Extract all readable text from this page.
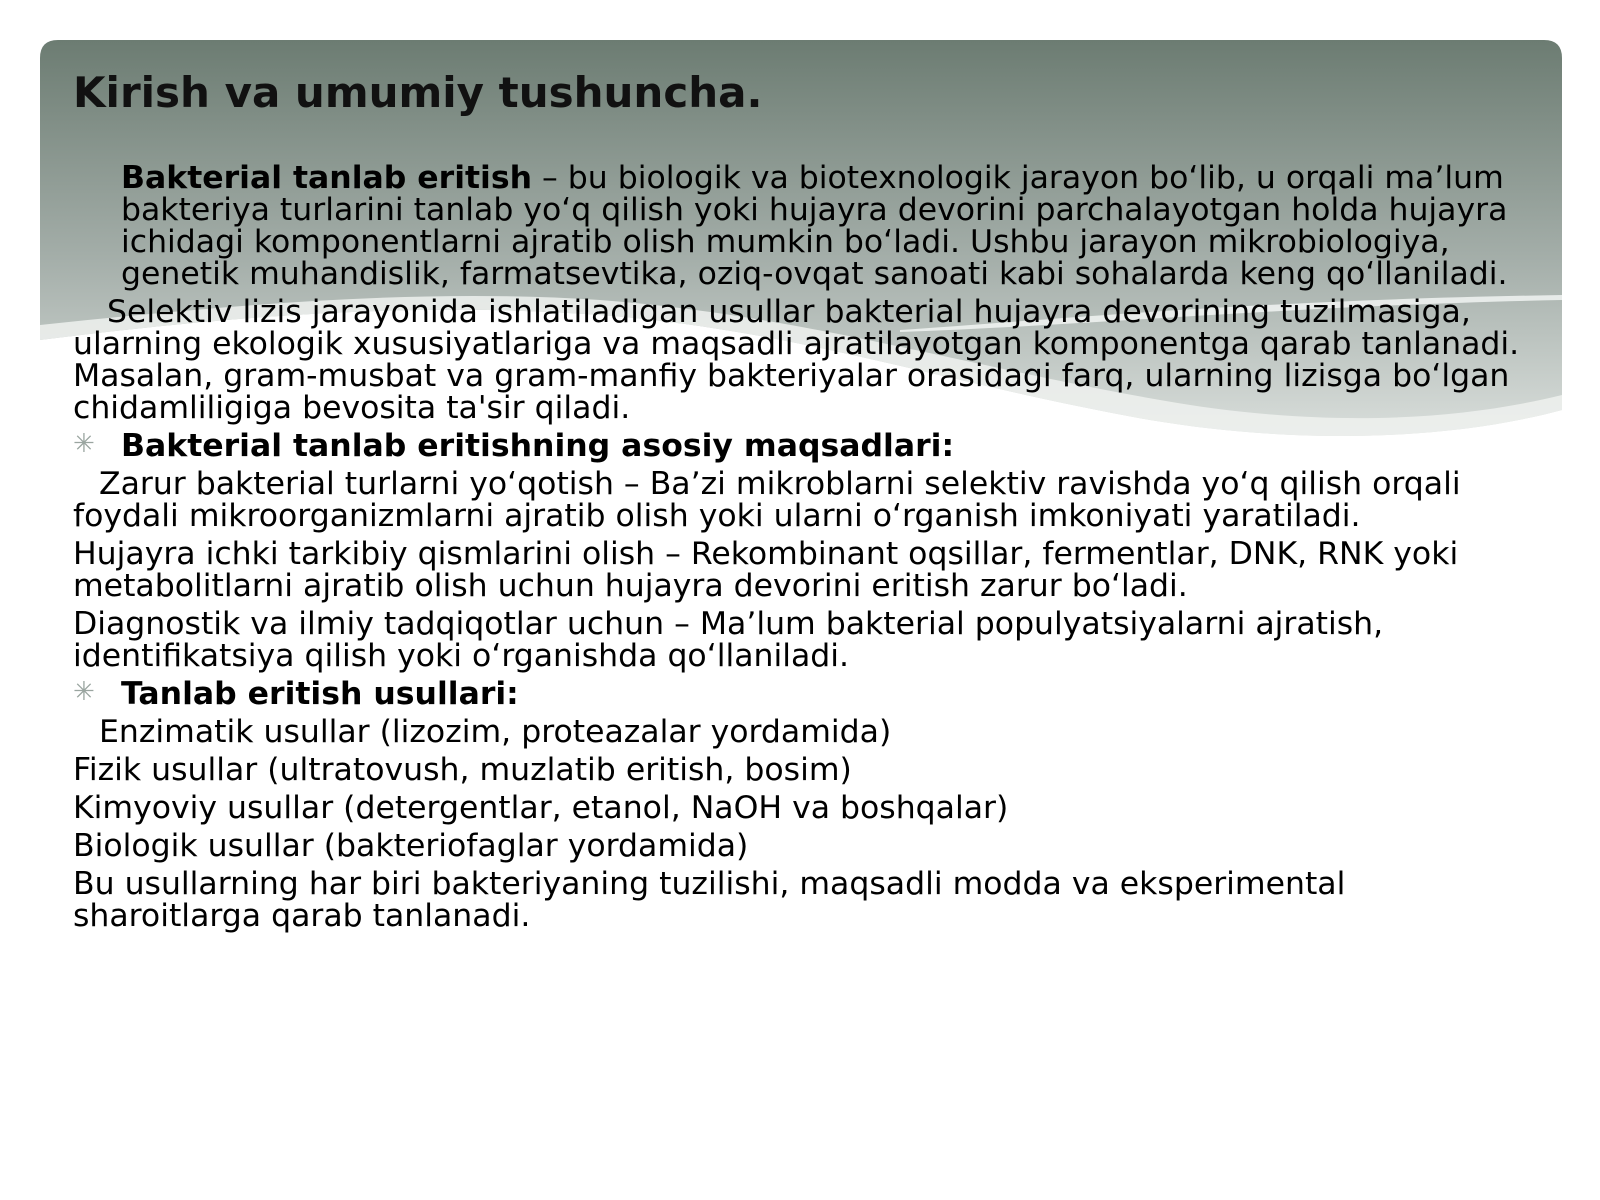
Kirish va umumiy tushuncha.

Bakterial tanlab eritish – bu biologik va biotexnologik jarayon bo‘lib, u orqali ma’lum bakteriya turlarini tanlab yo‘q qilish yoki hujayra devorini parchalayotgan holda hujayra ichidagi komponentlarni ajratib olish mumkin bo‘ladi. Ushbu jarayon mikrobiologiya, genetik muhandislik, farmatsevtika, oziq-ovqat sanoati kabi sohalarda keng qo‘llaniladi.

Selektiv lizis jarayonida ishlatiladigan usullar bakterial hujayra devorining tuzilmasiga, ularning ekologik xususiyatlariga va maqsadli ajratilayotgan komponentga qarab tanlanadi. Masalan, gram-musbat va gram-manfiy bakteriyalar orasidagi farq, ularning lizisga bo‘lgan chidamliligiga bevosita ta'sir qiladi.

✳ Bakterial tanlab eritishning asosiy maqsadlari:

Zarur bakterial turlarni yo‘qotish – Ba’zi mikroblarni selektiv ravishda yo‘q qilish orqali foydali mikroorganizmlarni ajratib olish yoki ularni o‘rganish imkoniyati yaratiladi.

Hujayra ichki tarkibiy qismlarini olish – Rekombinant oqsillar, fermentlar, DNK, RNK yoki metabolitlarni ajratib olish uchun hujayra devorini eritish zarur bo‘ladi.

Diagnostik va ilmiy tadqiqotlar uchun – Ma’lum bakterial populyatsiyalarni ajratish, identifikatsiya qilish yoki o‘rganishda qo‘llaniladi.

✳ Tanlab eritish usullari:

Enzimatik usullar (lizozim, proteazalar yordamida)

Fizik usullar (ultratovush, muzlatib eritish, bosim)

Kimyoviy usullar (detergentlar, etanol, NaOH va boshqalar)

Biologik usullar (bakteriofaglar yordamida)

Bu usullarning har biri bakteriyaning tuzilishi, maqsadli modda va eksperimental sharoitlarga qarab tanlanadi.
